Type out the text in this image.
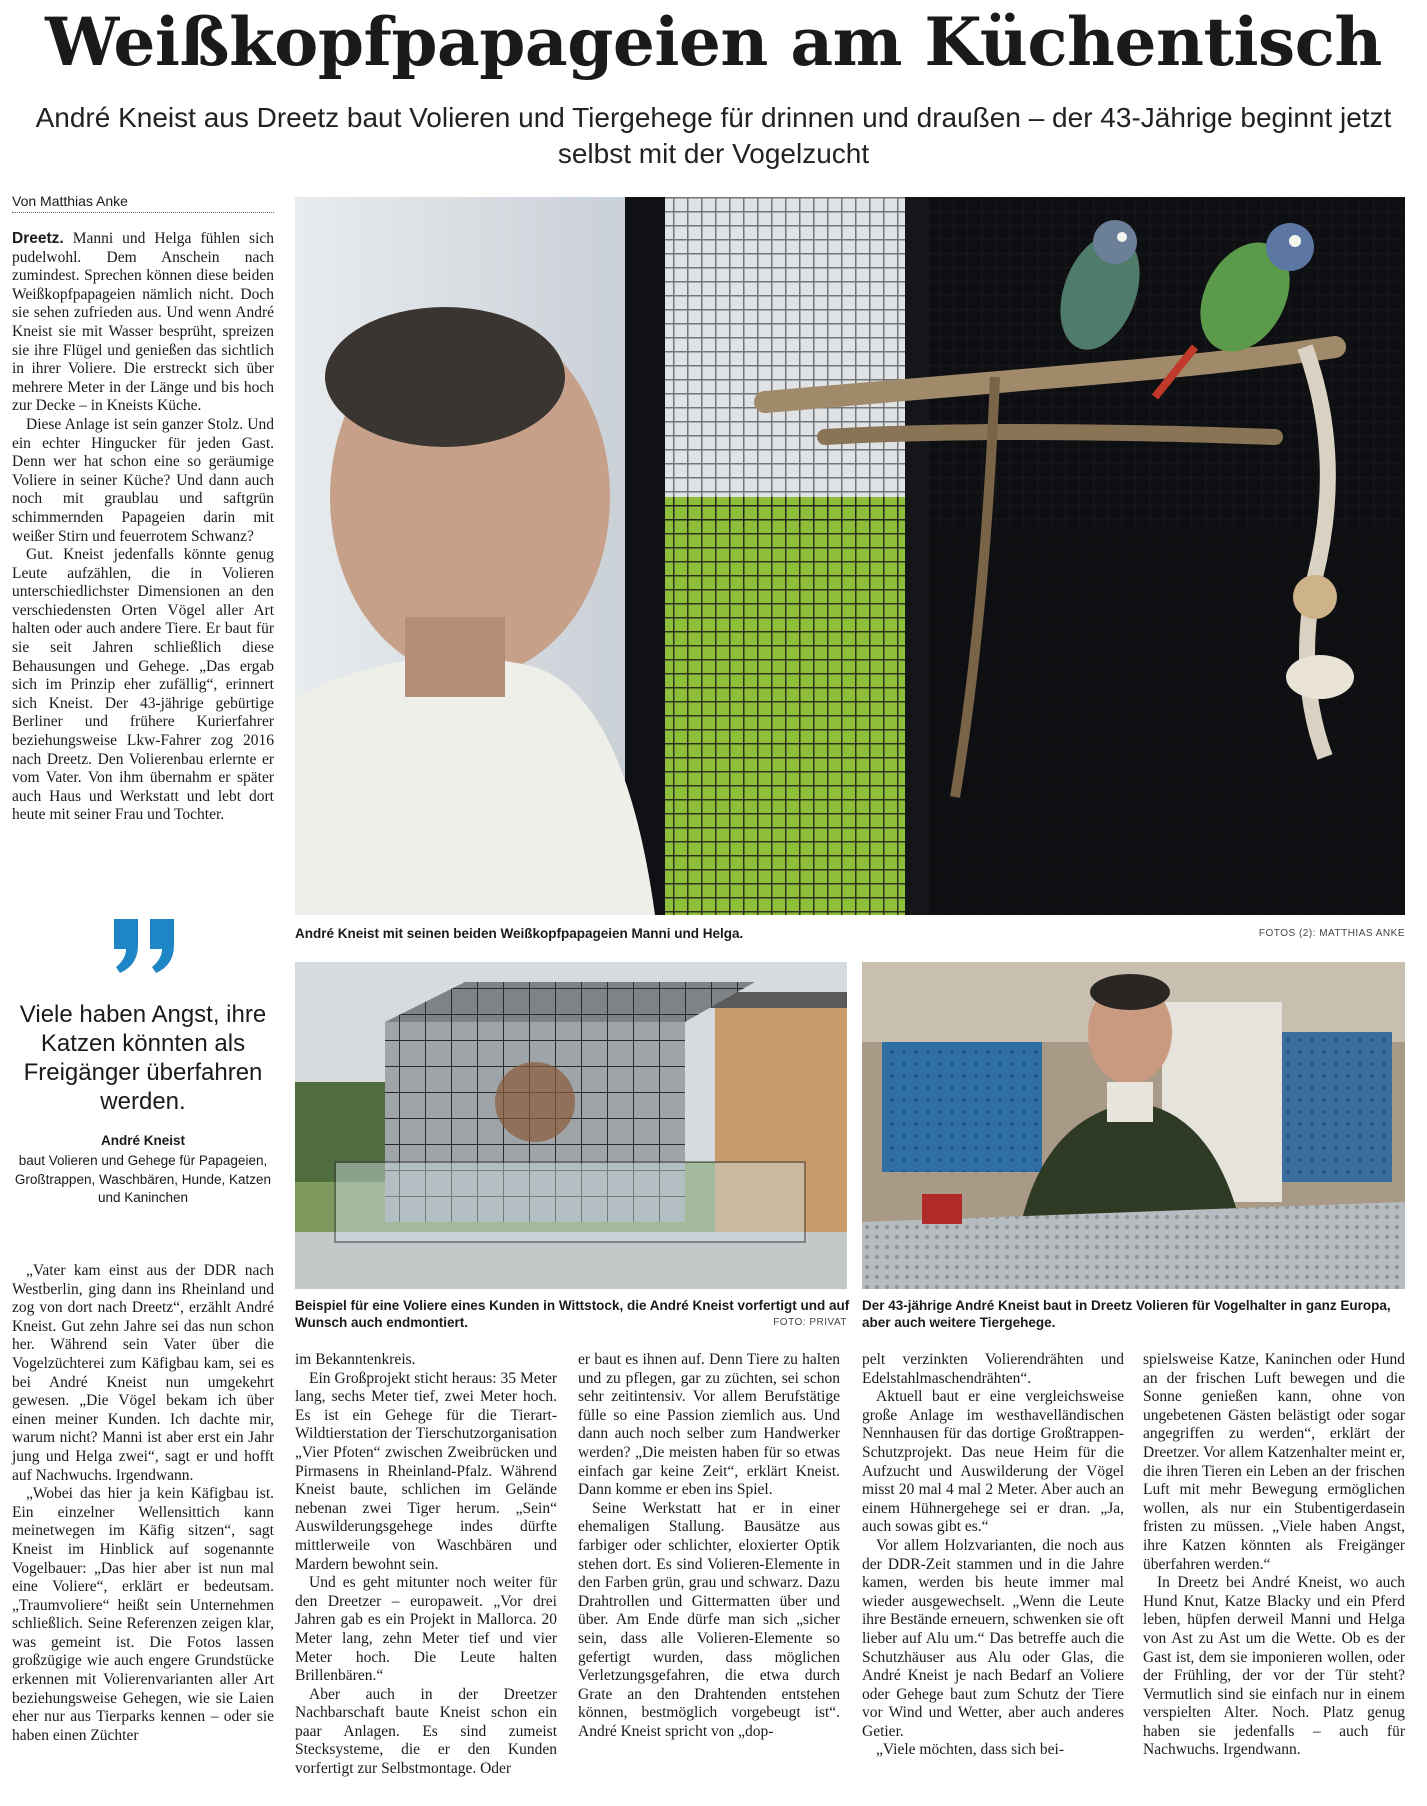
Weißkopfpapageien am Küchentisch
André Kneist aus Dreetz baut Volieren und Tiergehege für drinnen und draußen – der 43-Jährige beginnt jetzt selbst mit der Vogelzucht
Von Matthias Anke

Dreetz. Manni und Helga fühlen sich pudelwohl. Dem Anschein nach zumindest. Sprechen können diese beiden Weißkopfpapageien nämlich nicht. Doch sie sehen zufrieden aus. Und wenn André Kneist sie mit Wasser besprüht, spreizen sie ihre Flügel und genießen das sichtlich in ihrer Voliere. Die erstreckt sich über mehrere Meter in der Länge und bis hoch zur Decke – in Kneists Küche.

Diese Anlage ist sein ganzer Stolz. Und ein echter Hingucker für jeden Gast. Denn wer hat schon eine so geräumige Voliere in seiner Küche? Und dann auch noch mit graublau und saftgrün schimmernden Papageien darin mit weißer Stirn und feuerrotem Schwanz?

Gut. Kneist jedenfalls könnte genug Leute aufzählen, die in Volieren unterschiedlichster Dimensionen an den verschiedensten Orten Vögel aller Art halten oder auch andere Tiere. Er baut für sie seit Jahren schließlich diese Behausungen und Gehege. „Das ergab sich im Prinzip eher zufällig“, erinnert sich Kneist. Der 43-jährige gebürtige Berliner und frühere Kurierfahrer beziehungsweise Lkw-Fahrer zog 2016 nach Dreetz. Den Volierenbau erlernte er vom Vater. Von ihm übernahm er später auch Haus und Werkstatt und lebt dort heute mit seiner Frau und Tochter.

André Kneist mit seinen beiden Weißkopfpapageien Manni und Helga.	FOTOS (2): MATTHIAS ANKE
Viele haben Angst, ihre Katzen könnten als Freigänger überfahren werden.
André Kneist
baut Volieren und Gehege für Papageien, Großtrappen, Waschbären, Hunde, Katzen und Kaninchen

„Vater kam einst aus der DDR nach Westberlin, ging dann ins Rheinland und zog von dort nach Dreetz“, erzählt André Kneist. Gut zehn Jahre sei das nun schon her. Während sein Vater über die Vogelzüchterei zum Käfigbau kam, sei es bei André Kneist nun umgekehrt gewesen. „Die Vögel bekam ich über einen meiner Kunden. Ich dachte mir, warum nicht? Manni ist aber erst ein Jahr jung und Helga zwei“, sagt er und hofft auf Nachwuchs. Irgendwann.

„Wobei das hier ja kein Käfigbau ist. Ein einzelner Wellensittich kann meinetwegen im Käfig sitzen“, sagt Kneist im Hinblick auf sogenannte Vogelbauer: „Das hier aber ist nun mal eine Voliere“, erklärt er bedeutsam. „Traumvoliere“ heißt sein Unternehmen schließlich. Seine Referenzen zeigen klar, was gemeint ist. Die Fotos lassen großzügige wie auch engere Grundstücke erkennen mit Volierenvarianten aller Art beziehungsweise Gehegen, wie sie Laien eher nur aus Tierparks kennen – oder sie haben einen Züchter

Beispiel für eine Voliere eines Kunden in Wittstock, die André Kneist vorfertigt und auf Wunsch auch endmontiert.	FOTO: PRIVAT
Der 43-jährige André Kneist baut in Dreetz Volieren für Vogelhalter in ganz Europa, aber auch weitere Tiergehege.

im Bekanntenkreis.

Ein Großprojekt sticht heraus: 35 Meter lang, sechs Meter tief, zwei Meter hoch. Es ist ein Gehege für die Tierart-Wildtierstation der Tierschutzorganisation „Vier Pfoten“ zwischen Zweibrücken und Pirmasens in Rheinland-Pfalz. Während Kneist baute, schlichen im Gelände nebenan zwei Tiger herum. „Sein“ Auswilderungsgehege indes dürfte mittlerweile von Waschbären und Mardern bewohnt sein.

Und es geht mitunter noch weiter für den Dreetzer – europaweit. „Vor drei Jahren gab es ein Projekt in Mallorca. 20 Meter lang, zehn Meter tief und vier Meter hoch. Die Leute halten Brillenbären.“

Aber auch in der Dreetzer Nachbarschaft baute Kneist schon ein paar Anlagen. Es sind zumeist Stecksysteme, die er den Kunden vorfertigt zur Selbstmontage. Oder

er baut es ihnen auf. Denn Tiere zu halten und zu pflegen, gar zu züchten, sei schon sehr zeitintensiv. Vor allem Berufstätige fülle so eine Passion ziemlich aus. Und dann auch noch selber zum Handwerker werden? „Die meisten haben für so etwas einfach gar keine Zeit“, erklärt Kneist. Dann komme er eben ins Spiel.

Seine Werkstatt hat er in einer ehemaligen Stallung. Bausätze aus farbiger oder schlichter, eloxierter Optik stehen dort. Es sind Volieren-Elemente in den Farben grün, grau und schwarz. Dazu Drahtrollen und Gittermatten über und über. Am Ende dürfe man sich „sicher sein, dass alle Volieren-Elemente so gefertigt wurden, dass möglichen Verletzungsgefahren, die etwa durch Grate an den Drahtenden entstehen können, bestmöglich vorgebeugt ist“. André Kneist spricht von „dop-

pelt verzinkten Volierendrähten und Edelstahlmaschendrähten“.

Aktuell baut er eine vergleichsweise große Anlage im westhavelländischen Nennhausen für das dortige Großtrappen-Schutzprojekt. Das neue Heim für die Aufzucht und Auswilderung der Vögel misst 20 mal 4 mal 2 Meter. Aber auch an einem Hühnergehege sei er dran. „Ja, auch sowas gibt es.“

Vor allem Holzvarianten, die noch aus der DDR-Zeit stammen und in die Jahre kamen, werden bis heute immer mal wieder ausgewechselt. „Wenn die Leute ihre Bestände erneuern, schwenken sie oft lieber auf Alu um.“ Das betreffe auch die Schutzhäuser aus Alu oder Glas, die André Kneist je nach Bedarf an Voliere oder Gehege baut zum Schutz der Tiere vor Wind und Wetter, aber auch anderes Getier.

„Viele möchten, dass sich bei-

spielsweise Katze, Kaninchen oder Hund an der frischen Luft bewegen und die Sonne genießen kann, ohne von ungebetenen Gästen belästigt oder sogar angegriffen zu werden“, erklärt der Dreetzer. Vor allem Katzenhalter meint er, die ihren Tieren ein Leben an der frischen Luft mit mehr Bewegung ermöglichen wollen, als nur ein Stubentigerdasein fristen zu müssen. „Viele haben Angst, ihre Katzen könnten als Freigänger überfahren werden.“

In Dreetz bei André Kneist, wo auch Hund Knut, Katze Blacky und ein Pferd leben, hüpfen derweil Manni und Helga von Ast zu Ast um die Wette. Ob es der Gast ist, dem sie imponieren wollen, oder der Frühling, der vor der Tür steht? Vermutlich sind sie einfach nur in einem verspielten Alter. Noch. Platz genug haben sie jedenfalls – auch für Nachwuchs. Irgendwann.
